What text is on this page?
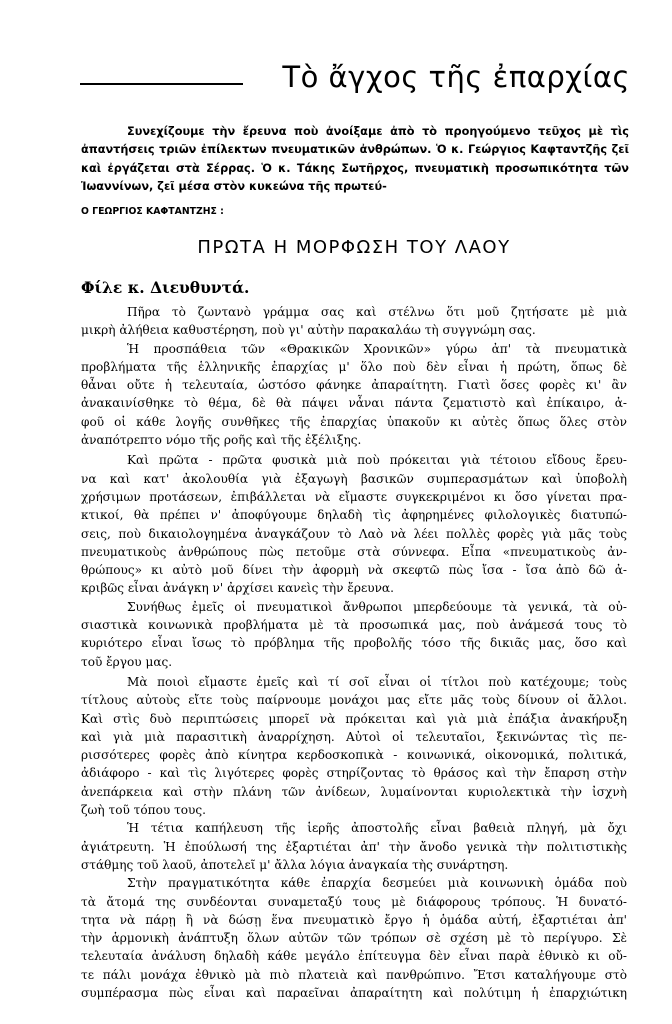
Τὸ ἄγχος τῆς ἐπαρχίας

Συνεχίζουμε τὴν ἔρευνα ποὺ ἀνοίξαμε ἀπὸ τὸ προηγούμενο τεῦχος μὲ τὶς ἀπαντήσεις τριῶν ἐπίλεκτων πνευματικῶν ἀνθρώπων. Ὁ κ. Γεώργιος Καφταντζῆς ζεῖ καὶ ἐργάζεται στὰ Σέρρας. Ὁ κ. Τάκης Σωτῆρχος, πνευματικὴ προσωπικότητα τῶν Ἰωαννίνων, ζεῖ μέσα στὸν κυκεώνα τῆς πρωτεύ-

Ο ΓΕΩΡΓΙΟΣ ΚΑΦΤΑΝΤΖΗΣ :

ΠΡΩΤΑ Η ΜΟΡΦΩΣΗ ΤΟΥ ΛΑΟΥ

Φίλε κ. Διευθυντά.

Πῆρα τὸ ζωντανὸ γράμμα σας καὶ στέλνω ὅτι μοῦ ζητήσατε μὲ μιὰ
μικρὴ ἀλήθεια καθυστέρηση, ποὺ γι' αὐτὴν παρακαλάω τὴ συγγνώμη σας.
Ἡ προσπάθεια τῶν «Θρακικῶν Χρονικῶν» γύρω ἀπ' τὰ πνευματικὰ
προβλήματα τῆς ἑλληνικῆς ἐπαρχίας μ' ὅλο ποὺ δὲν εἶναι ἡ πρώτη, ὅπως δὲ
θἆναι οὔτε ἡ τελευταία, ὡστόσο φάνηκε ἀπαραίτητη. Γιατὶ ὅσες φορὲς κι' ἂν
ἀνακαινίσθηκε τὸ θέμα, δὲ θὰ πάψει νἆναι πάντα ζεματιστὸ καὶ ἐπίκαιρο, ἀ-
φοῦ οἱ κάθε λογῆς συνθῆκες τῆς ἐπαρχίας ὑπακοῦν κι αὐτὲς ὅπως ὅλες στὸν
ἀναπότρεπτο νόμο τῆς ροῆς καὶ τῆς ἐξέλιξης.
Καὶ πρῶτα - πρῶτα φυσικὰ μιὰ ποὺ πρόκειται γιὰ τέτοιου εἴδους ἔρευ-
να καὶ κατ' ἀκολουθία γιὰ ἐξαγωγὴ βασικῶν συμπερασμάτων καὶ ὑποβολὴ
χρήσιμων προτάσεων, ἐπιβάλλεται νὰ εἴμαστε συγκεκριμένοι κι ὅσο γίνεται πρα-
κτικοί, θὰ πρέπει ν' ἀποφύγουμε δηλαδὴ τὶς ἀφηρημένες φιλολογικὲς διατυπώ-
σεις, ποὺ δικαιολογημένα ἀναγκάζουν τὸ Λαὸ νὰ λέει πολλὲς φορὲς γιὰ μᾶς τοὺς
πνευματικοὺς ἀνθρώπους πὼς πετοῦμε στὰ σύννεφα. Εἶπα «πνευματικοὺς ἀν-
θρώπους» κι αὐτὸ μοῦ δίνει τὴν ἀφορμὴ νὰ σκεφτῶ πὼς ἴσα - ἴσα ἀπὸ δῶ ἀ-
κριβῶς εἶναι ἀνάγκη ν' ἀρχίσει κανεὶς τὴν ἔρευνα.
Συνήθως ἐμεῖς οἱ πνευματικοὶ ἄνθρωποι μπερδεύουμε τὰ γενικά, τὰ οὐ-
σιαστικὰ κοινωνικὰ προβλήματα μὲ τὰ προσωπικά μας, ποὺ ἀνάμεσά τους τὸ
κυριότερο εἶναι ἴσως τὸ πρόβλημα τῆς προβολῆς τόσο τῆς δικιᾶς μας, ὅσο καὶ
τοῦ ἔργου μας.
Μὰ ποιοὶ εἴμαστε ἐμεῖς καὶ τί σοῖ εἶναι οἱ τίτλοι ποὺ κατέχουμε; τοὺς
τίτλους αὐτοὺς εἴτε τοὺς παίρνουμε μονάχοι μας εἴτε μᾶς τοὺς δίνουν οἱ ἄλλοι.
Καὶ στὶς δυὸ περιπτώσεις μπορεῖ νὰ πρόκειται καὶ γιὰ μιὰ ἐπάξια ἀνακήρυξη
καὶ γιὰ μιὰ παρασιτικὴ ἀναρρίχηση. Αὐτοὶ οἱ τελευταῖοι, ξεκινώντας τὶς πε-
ρισσότερες φορὲς ἀπὸ κίνητρα κερδοσκοπικὰ - κοινωνικά, οἰκονομικά, πολιτικά,
ἀδιάφορο - καὶ τὶς λιγότερες φορὲς στηρίζοντας τὸ θράσος καὶ τὴν ἔπαρση στὴν
ἀνεπάρκεια καὶ στὴν πλάνη τῶν ἀνίδεων, λυμαίνονται κυριολεκτικὰ τὴν ἰσχνὴ
ζωὴ τοῦ τόπου τους.
Ἡ τέτια καπήλευση τῆς ἱερῆς ἀποστολῆς εἶναι βαθειὰ πληγή, μὰ ὄχι
ἀγιάτρευτη. Ἡ ἐπούλωσή της ἐξαρτιέται ἀπ' τὴν ἄνοδο γενικὰ τὴν πολιτιστικὴς
στάθμης τοῦ λαοῦ, ἀποτελεῖ μ' ἄλλα λόγια ἀναγκαία τὴς συνάρτηση.
Στὴν πραγματικότητα κάθε ἐπαρχία δεσμεύει μιὰ κοινωνικὴ ὁμάδα ποὺ
τὰ ἄτομά της συνδέονται συναμεταξύ τους μὲ διάφορους τρόπους. Ἡ δυνατό-
τητα νὰ πάρῃ ἢ νὰ δώσῃ ἕνα πνευματικὸ ἔργο ἡ ὁμάδα αὐτή, ἐξαρτιέται ἀπ'
τὴν ἁρμονικὴ ἀνάπτυξη ὅλων αὐτῶν τῶν τρόπων σὲ σχέση μὲ τὸ περίγυρο. Σὲ
τελευταία ἀνάλυση δηλαδὴ κάθε μεγάλο ἐπίτευγμα δὲν εἶναι παρὰ ἐθνικὸ κι οὔ-
τε πάλι μονάχα ἐθνικὸ μὰ πιὸ πλατειὰ καὶ πανθρώπινο. Ἔτσι καταλήγουμε στὸ
συμπέρασμα πὼς εἶναι καὶ παραεῖναι ἀπαραίτητη καὶ πολύτιμη ἡ ἐπαρχιώτικη
